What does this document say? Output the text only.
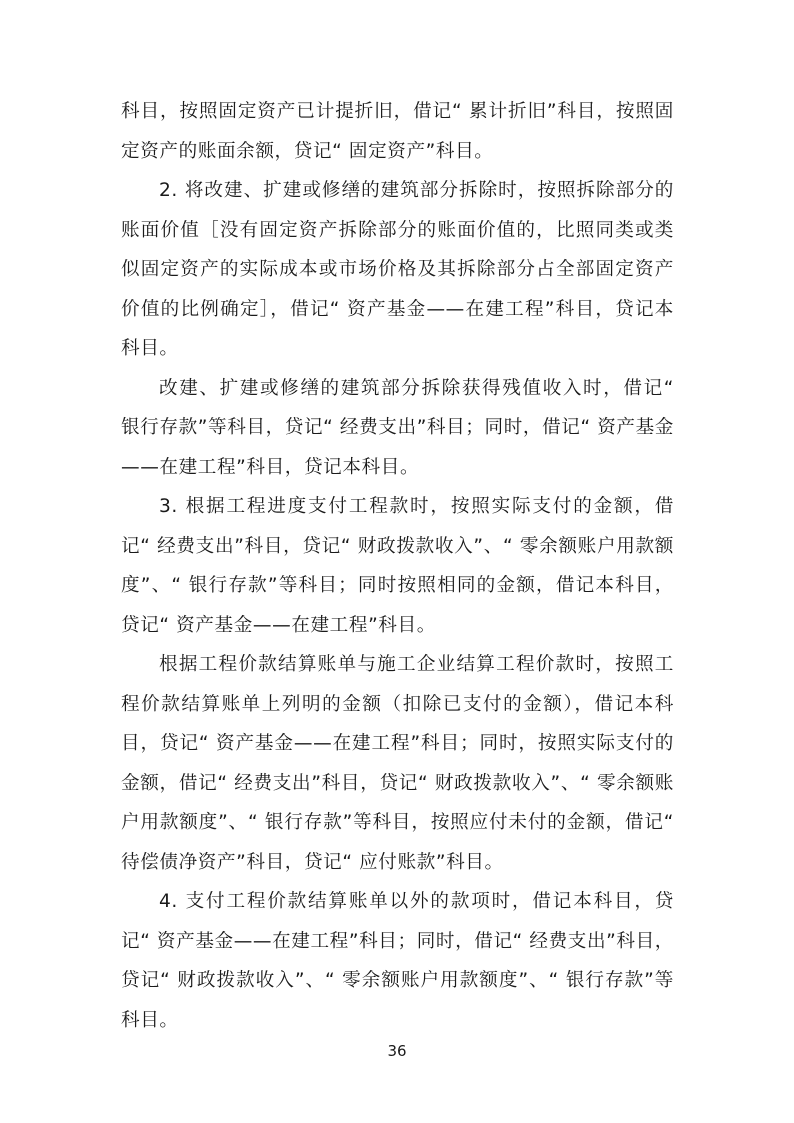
科目，按照固定资产已计提折旧，借记“ 累计折旧”科目，按照固定资产的账面余额，贷记“ 固定资产”科目。

2. 将改建、扩建或修缮的建筑部分拆除时，按照拆除部分的账面价值［没有固定资产拆除部分的账面价值的，比照同类或类似固定资产的实际成本或市场价格及其拆除部分占全部固定资产价值的比例确定］，借记“ 资产基金——在建工程”科目，贷记本科目。

改建、扩建或修缮的建筑部分拆除获得残值收入时，借记“ 银行存款”等科目，贷记“ 经费支出”科目；同时，借记“ 资产基金——在建工程”科目，贷记本科目。

3. 根据工程进度支付工程款时，按照实际支付的金额，借记“ 经费支出”科目，贷记“ 财政拨款收入”、“ 零余额账户用款额度”、“ 银行存款”等科目；同时按照相同的金额，借记本科目，贷记“ 资产基金——在建工程”科目。

根据工程价款结算账单与施工企业结算工程价款时，按照工程价款结算账单上列明的金额（扣除已支付的金额），借记本科目，贷记“ 资产基金——在建工程”科目；同时，按照实际支付的金额，借记“ 经费支出”科目，贷记“ 财政拨款收入”、“ 零余额账户用款额度”、“ 银行存款”等科目，按照应付未付的金额，借记“ 待偿债净资产”科目，贷记“ 应付账款”科目。

4. 支付工程价款结算账单以外的款项时，借记本科目，贷记“ 资产基金——在建工程”科目；同时，借记“ 经费支出”科目，贷记“ 财政拨款收入”、“ 零余额账户用款额度”、“ 银行存款”等科目。

36
